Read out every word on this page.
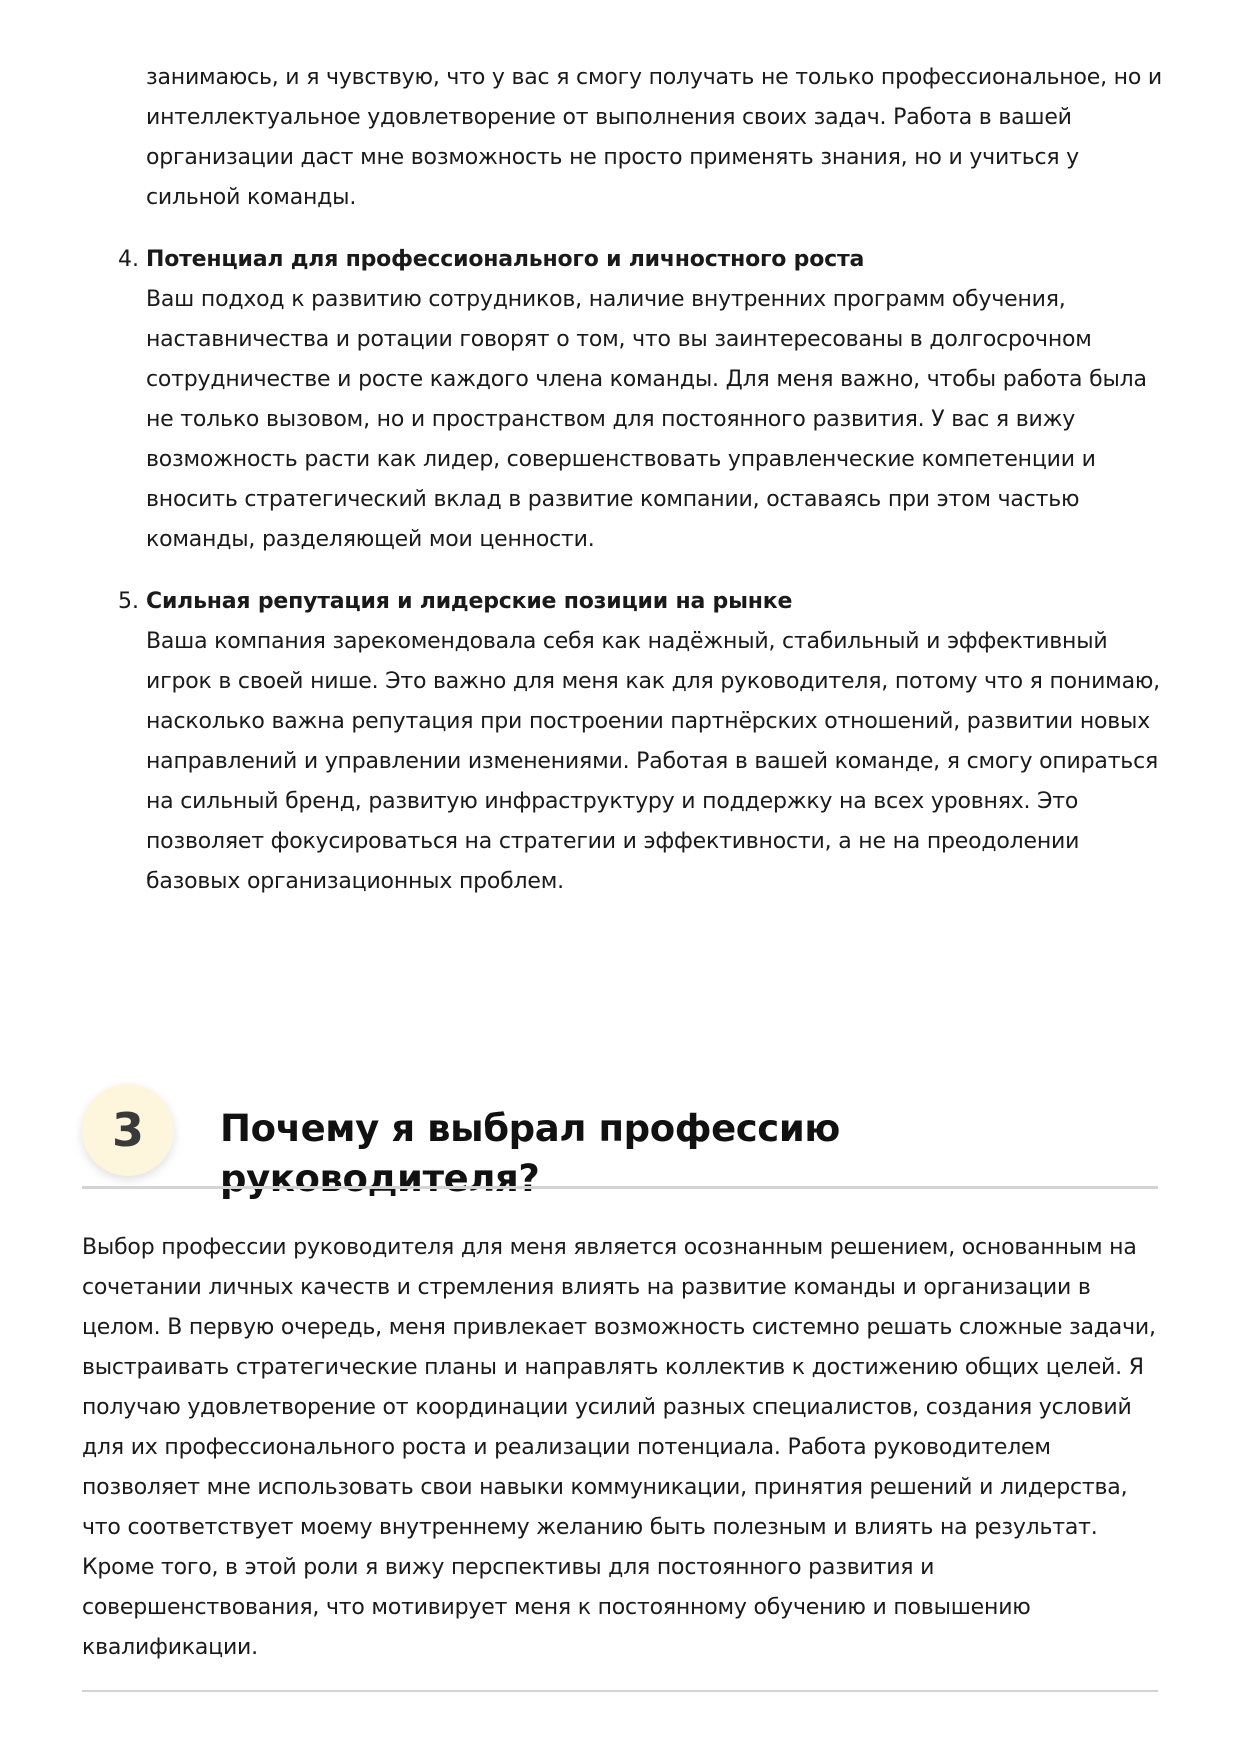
занимаюсь, и я чувствую, что у вас я смогу получать не только профессиональное, но и интеллектуальное удовлетворение от выполнения своих задач. Работа в вашей организации даст мне возможность не просто применять знания, но и учиться у сильной команды.

4. Потенциал для профессионального и личностного роста

Ваш подход к развитию сотрудников, наличие внутренних программ обучения, наставничества и ротации говорят о том, что вы заинтересованы в долгосрочном сотрудничестве и росте каждого члена команды. Для меня важно, чтобы работа была не только вызовом, но и пространством для постоянного развития. У вас я вижу возможность расти как лидер, совершенствовать управленческие компетенции и вносить стратегический вклад в развитие компании, оставаясь при этом частью команды, разделяющей мои ценности.

5. Сильная репутация и лидерские позиции на рынке

Ваша компания зарекомендовала себя как надёжный, стабильный и эффективный игрок в своей нише. Это важно для меня как для руководителя, потому что я понимаю, насколько важна репутация при построении партнёрских отношений, развитии новых направлений и управлении изменениями. Работая в вашей команде, я смогу опираться на сильный бренд, развитую инфраструктуру и поддержку на всех уровнях. Это позволяет фокусироваться на стратегии и эффективности, а не на преодолении базовых организационных проблем.

3	Почему я выбрал профессию руководителя?

Выбор профессии руководителя для меня является осознанным решением, основанным на сочетании личных качеств и стремления влиять на развитие команды и организации в целом. В первую очередь, меня привлекает возможность системно решать сложные задачи, выстраивать стратегические планы и направлять коллектив к достижению общих целей. Я получаю удовлетворение от координации усилий разных специалистов, создания условий для их профессионального роста и реализации потенциала. Работа руководителем позволяет мне использовать свои навыки коммуникации, принятия решений и лидерства, что соответствует моему внутреннему желанию быть полезным и влиять на результат. Кроме того, в этой роли я вижу перспективы для постоянного развития и совершенствования, что мотивирует меня к постоянному обучению и повышению квалификации.
